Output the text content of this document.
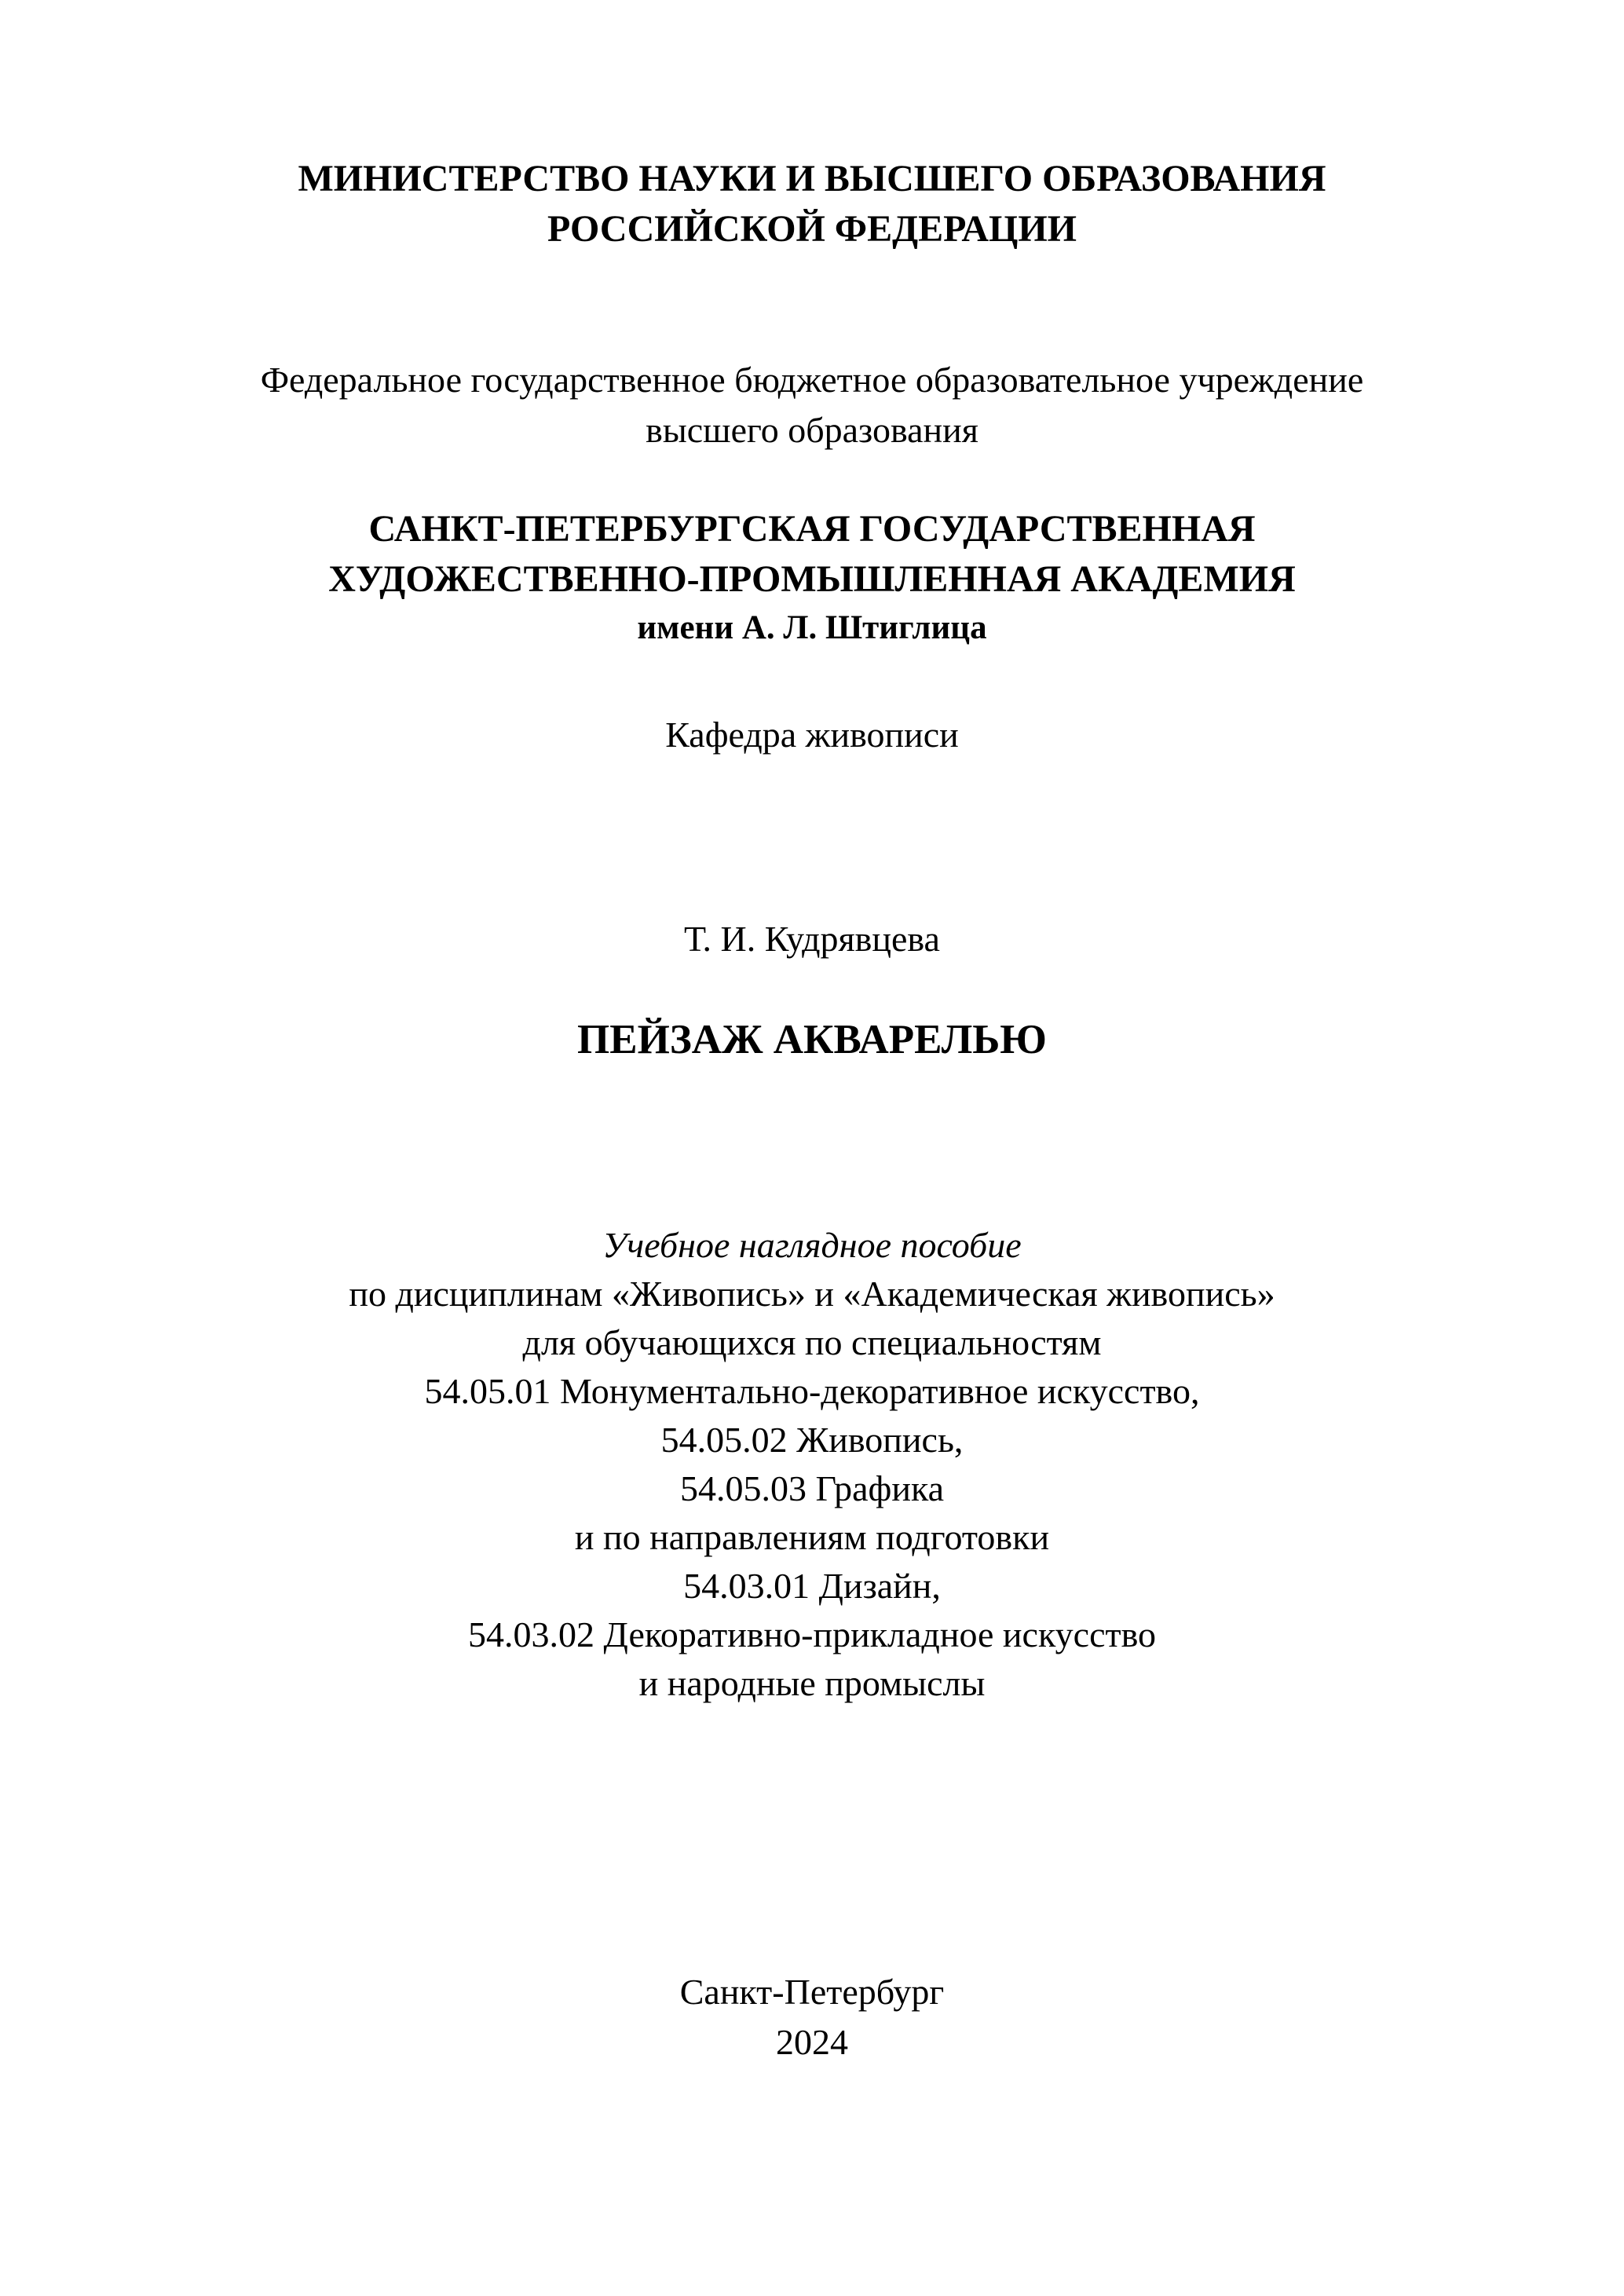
МИНИСТЕРСТВО НАУКИ И ВЫСШЕГО ОБРАЗОВАНИЯ
РОССИЙСКОЙ ФЕДЕРАЦИИ
Федеральное государственное бюджетное образовательное учреждение
высшего образования
САНКТ-ПЕТЕРБУРГСКАЯ ГОСУДАРСТВЕННАЯ
ХУДОЖЕСТВЕННО-ПРОМЫШЛЕННАЯ АКАДЕМИЯ
имени А. Л. Штиглица
Кафедра живописи
Т. И. Кудрявцева
ПЕЙЗАЖ АКВАРЕЛЬЮ
Учебное наглядное пособие
по дисциплинам «Живопись» и «Академическая живопись»
для обучающихся по специальностям
54.05.01 Монументально-декоративное искусство,
54.05.02 Живопись,
54.05.03 Графика
и по направлениям подготовки
54.03.01 Дизайн,
54.03.02 Декоративно-прикладное искусство
и народные промыслы
Санкт-Петербург
2024
